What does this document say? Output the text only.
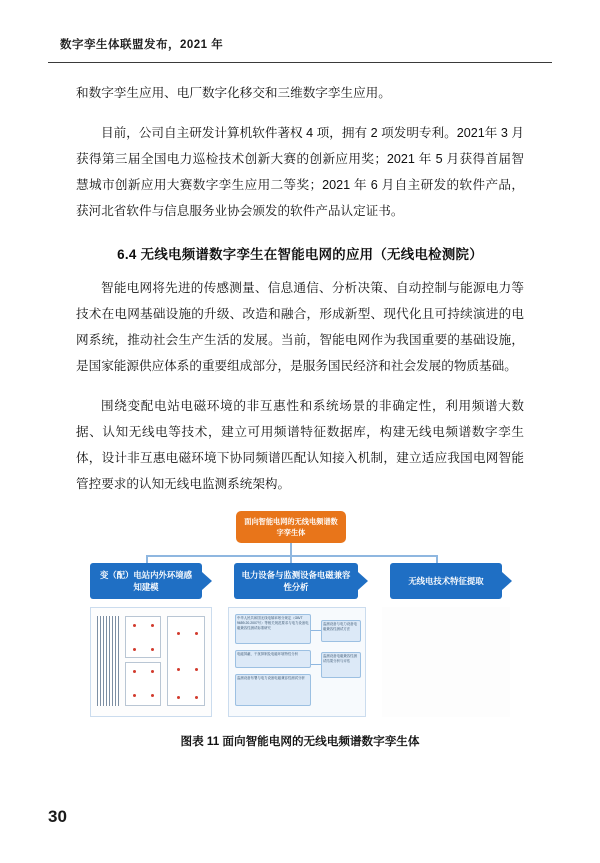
数字孪生体联盟发布，2021 年

和数字孪生应用、电厂数字化移交和三维数字孪生应用。

目前，公司自主研发计算机软件著权 4 项，拥有 2 项发明专利。2021年 3 月获得第三届全国电力巡检技术创新大赛的创新应用奖；2021 年 5 月获得首届智慧城市创新应用大赛数字孪生应用二等奖；2021 年 6 月自主研发的软件产品，获河北省软件与信息服务业协会颁发的软件产品认定证书。

6.4 无线电频谱数字孪生在智能电网的应用（无线电检测院）

智能电网将先进的传感测量、信息通信、分析决策、自动控制与能源电力等技术在电网基础设施的升级、改造和融合，形成新型、现代化且可持续演进的电网系统，推动社会生产生活的发展。当前，智能电网作为我国重要的基础设施，是国家能源供应体系的重要组成部分，是服务国民经济和社会发展的物质基础。

围绕变配电站电磁环境的非互惠性和系统场景的非确定性，利用频谱大数据、认知无线电等技术，建立可用频谱特征数据库，构建无线电频谱数字孪生体，设计非互惠电磁环境下协同频谱匹配认知接入机制，建立适应我国电网智能管控要求的认知无线电监测系统架构。

面向智能电网的无线电频谱数字孪生体
变（配）电站内外环境感知建模
电力设备与监测设备电磁兼容性分析
无线电技术特征提取
中华人民共和国无线电频率划分规定（GB/T 9659.20.2007号）等相关规范要求与电力设备电磁兼容性测试标准研究
电磁屏蔽、干扰抑制及电磁环境特性分析
监测设备布署与电力设备电磁兼容性测试分析
监测设备与电力设备电磁兼容性测试方法
监测设备电磁兼容性测试结果分析与评估
图表 11 面向智能电网的无线电频谱数字孪生体
30
